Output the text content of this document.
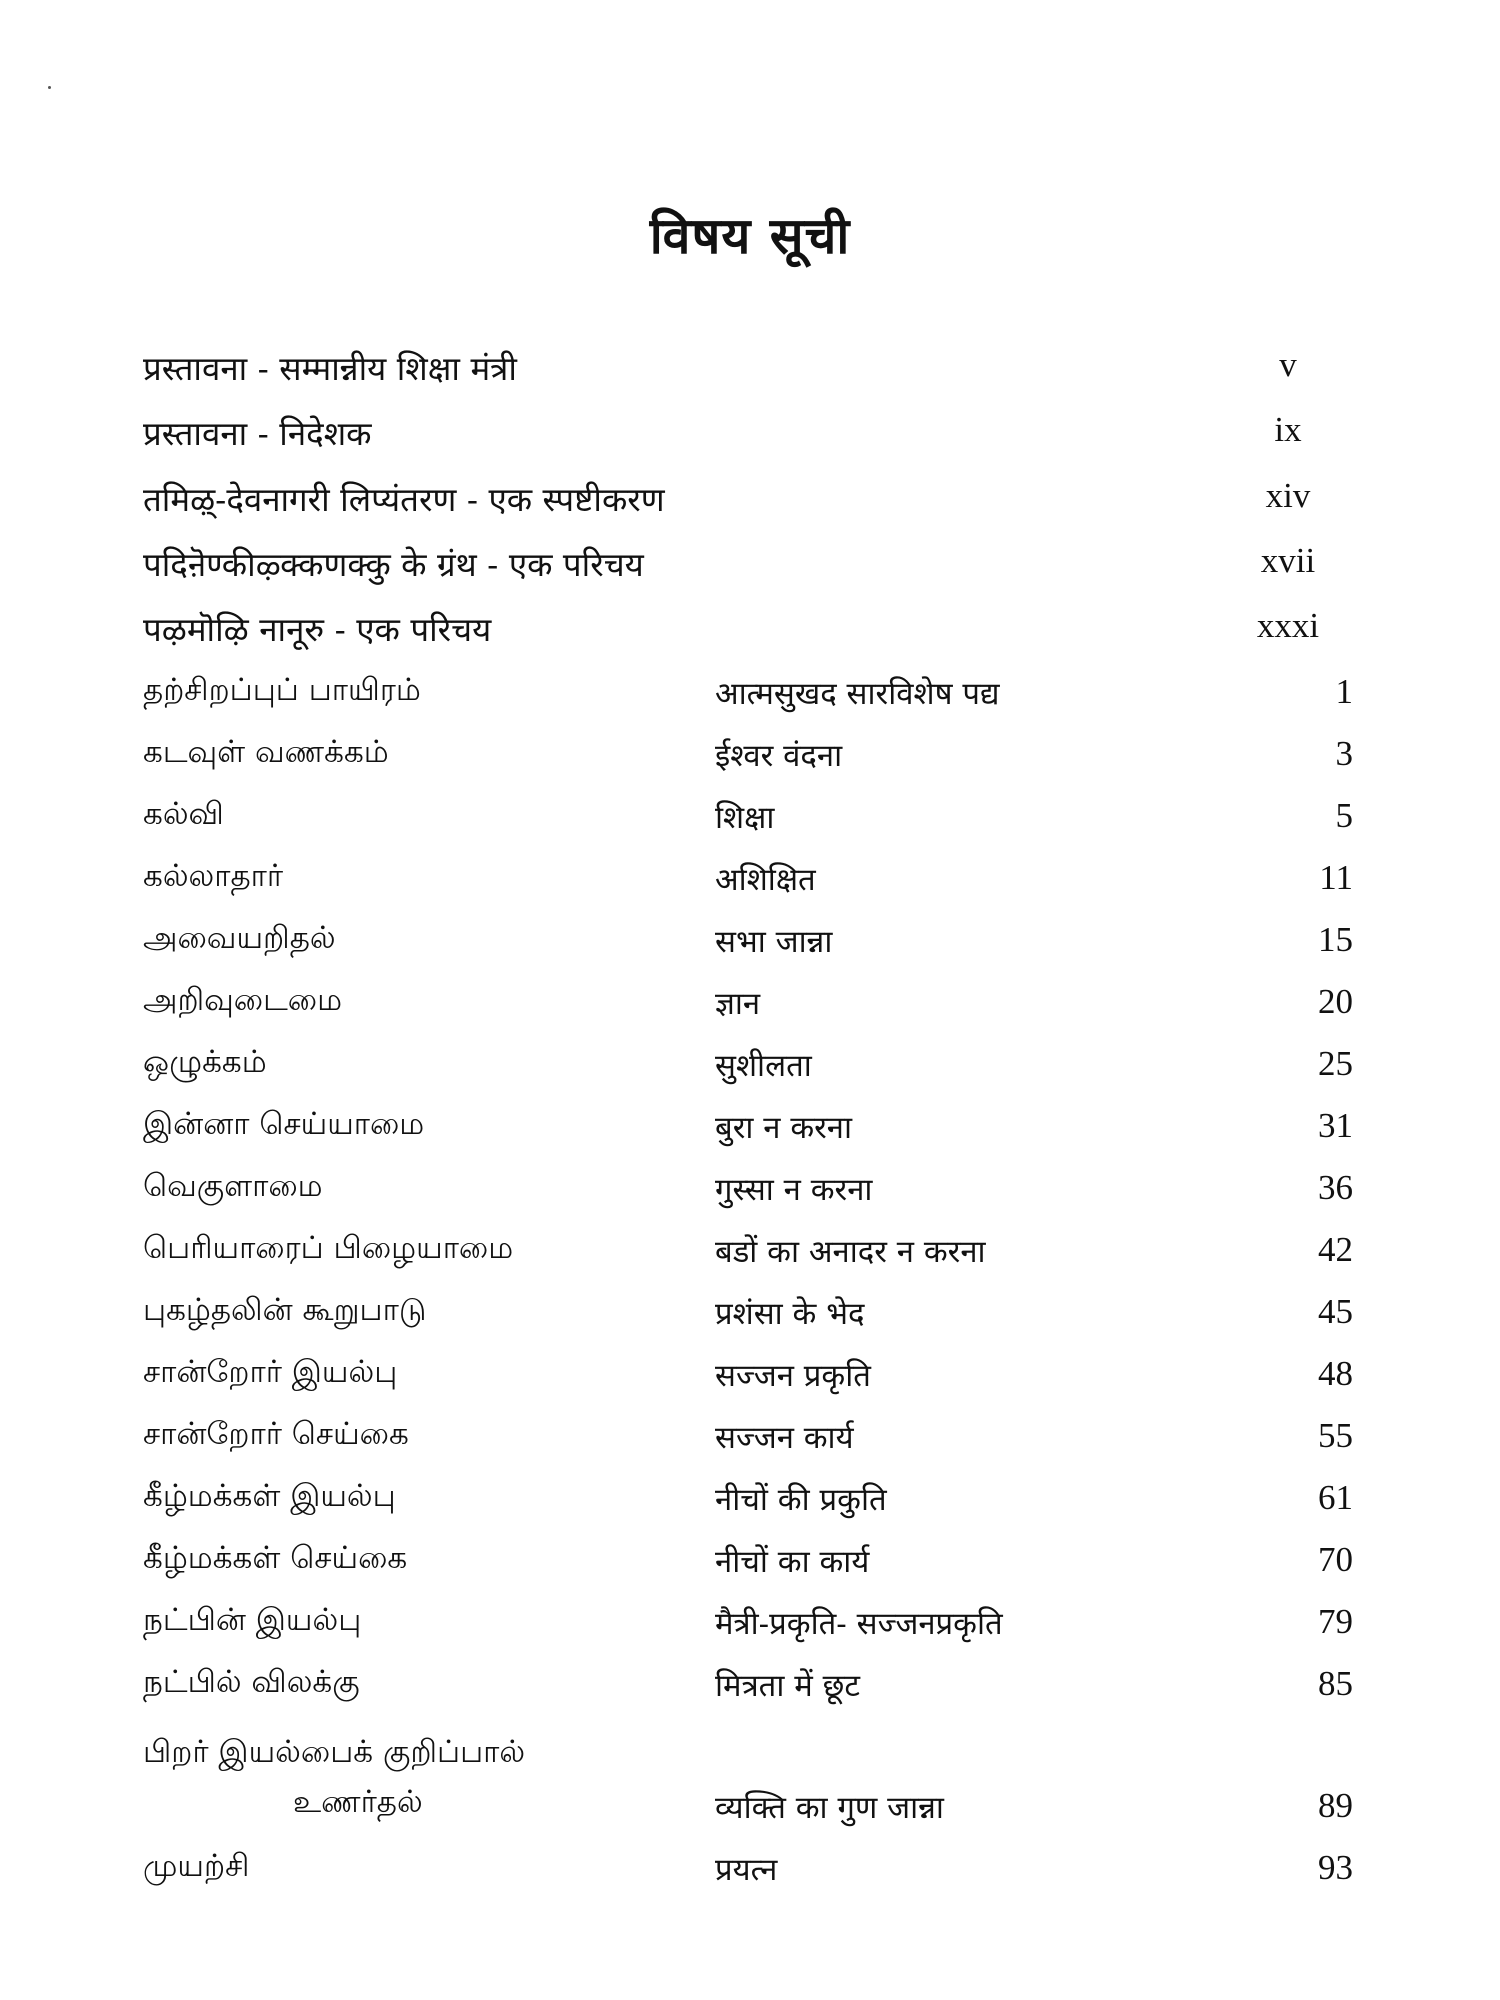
विषय सूची
प्रस्तावना - सम्मान्नीय शिक्षा मंत्री	v
प्रस्तावना - निदेशक	ix
तमिऴ्-देवनागरी लिप्यंतरण - एक स्पष्टीकरण	xiv
पदिऩॆण्कीऴ्क्कणक्कु के ग्रंथ - एक परिचय	xvii
पऴमॊऴि नानूरु - एक परिचय	xxxi
தற்சிறப்புப் பாயிரம்	आत्मसुखद सारविशेष पद्य	1
கடவுள் வணக்கம்	ईश्वर वंदना	3
கல்வி	शिक्षा	5
கல்லாதார்	अशिक्षित	11
அவையறிதல்	सभा जान्ना	15
அறிவுடைமை	ज्ञान	20
ஒழுக்கம்	सुशीलता	25
இன்னா செய்யாமை	बुरा न करना	31
வெகுளாமை	गुस्सा न करना	36
பெரியாரைப் பிழையாமை	बडों का अनादर न करना	42
புகழ்தலின் கூறுபாடு	प्रशंसा के भेद	45
சான்றோர் இயல்பு	सज्जन प्रकृति	48
சான்றோர் செய்கை	सज्जन कार्य	55
கீழ்மக்கள் இயல்பு	नीचों की प्रकुति	61
கீழ்மக்கள் செய்கை	नीचों का कार्य	70
நட்பின் இயல்பு	मैत्री-प्रकृति- सज्जनप्रकृति	79
நட்பில் விலக்கு	मित्रता में छूट	85
பிறர் இயல்பைக் குறிப்பால்
உணர்தல்	व्यक्ति का गुण जान्ना	89
முயற்சி	प्रयत्न	93
